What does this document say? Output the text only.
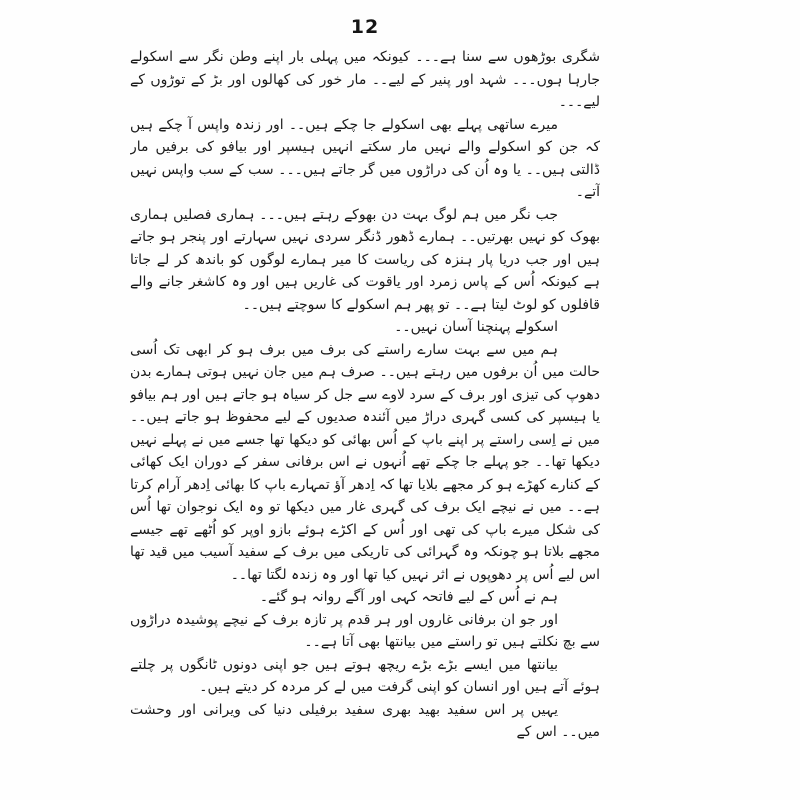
12

شگری بوڑھوں سے سنا ہے۔۔۔ کیونکہ میں پہلی بار اپنے وطن نگر سے اسکولے جارہا ہوں۔۔۔ شہد اور پنیر کے لیے۔۔ مار خور کی کھالوں اور بڑ کے توڑوں کے لیے۔۔۔

میرے ساتھی پہلے بھی اسکولے جا چکے ہیں۔۔ اور زندہ واپس آ چکے ہیں کہ جن کو اسکولے والے نہیں مار سکتے انہیں ہیسپر اور بیافو کی برفیں مار ڈالتی ہیں۔۔ یا وہ اُن کی دراڑوں میں گر جاتے ہیں۔۔۔ سب کے سب واپس نہیں آتے۔

جب نگر میں ہم لوگ بہت دن بھوکے رہتے ہیں۔۔۔ ہماری فصلیں ہماری بھوک کو نہیں بھرتیں۔۔ ہمارے ڈھور ڈنگر سردی نہیں سہارتے اور پنجر ہو جاتے ہیں اور جب دریا پار ہنزہ کی ریاست کا میر ہمارے لوگوں کو باندھ کر لے جاتا ہے کیونکہ اُس کے پاس زمرد اور یاقوت کی غاریں ہیں اور وہ کاشغر جانے والے قافلوں کو لوٹ لیتا ہے۔۔ تو پھر ہم اسکولے کا سوچتے ہیں۔۔

اسکولے پہنچنا آسان نہیں۔۔

ہم میں سے بہت سارے راستے کی برف میں برف ہو کر ابھی تک اُسی حالت میں اُن برفوں میں رہتے ہیں۔۔ صرف ہم میں جان نہیں ہوتی ہمارے بدن دھوپ کی تیزی اور برف کے سرد لاوے سے جل کر سیاہ ہو جاتے ہیں اور ہم بیافو یا ہیسپر کی کسی گہری دراڑ میں آئندہ صدیوں کے لیے محفوظ ہو جاتے ہیں۔۔ میں نے اِسی راستے پر اپنے باپ کے اُس بھائی کو دیکھا تھا جسے میں نے پہلے نہیں دیکھا تھا۔۔ جو پہلے جا چکے تھے اُنہوں نے اس برفانی سفر کے دوران ایک کھائی کے کنارے کھڑے ہو کر مجھے بلایا تھا کہ اِدھر آؤ تمہارے باپ کا بھائی اِدھر آرام کرتا ہے۔۔ میں نے نیچے ایک برف کی گہری غار میں دیکھا تو وہ ایک نوجوان تھا اُس کی شکل میرے باپ کی تھی اور اُس کے اکڑے ہوئے بازو اوپر کو اُٹھے تھے جیسے مجھے بلاتا ہو چونکہ وہ گہرائی کی تاریکی میں برف کے سفید آسیب میں قید تھا اس لیے اُس پر دھوپوں نے اثر نہیں کیا تھا اور وہ زندہ لگتا تھا۔۔

ہم نے اُس کے لیے فاتحہ کہی اور آگے روانہ ہو گئے۔

اور جو ان برفانی غاروں اور ہر قدم پر تازہ برف کے نیچے پوشیدہ دراڑوں سے بچ نکلتے ہیں تو راستے میں بیانتھا بھی آتا ہے۔۔

بیانتھا میں ایسے بڑے بڑے ریچھ ہوتے ہیں جو اپنی دونوں ٹانگوں پر چلتے ہوئے آتے ہیں اور انسان کو اپنی گرفت میں لے کر مردہ کر دیتے ہیں۔

یہیں پر اس سفید بھید بھری سفید برفیلی دنیا کی ویرانی اور وحشت میں۔۔ اس کے
